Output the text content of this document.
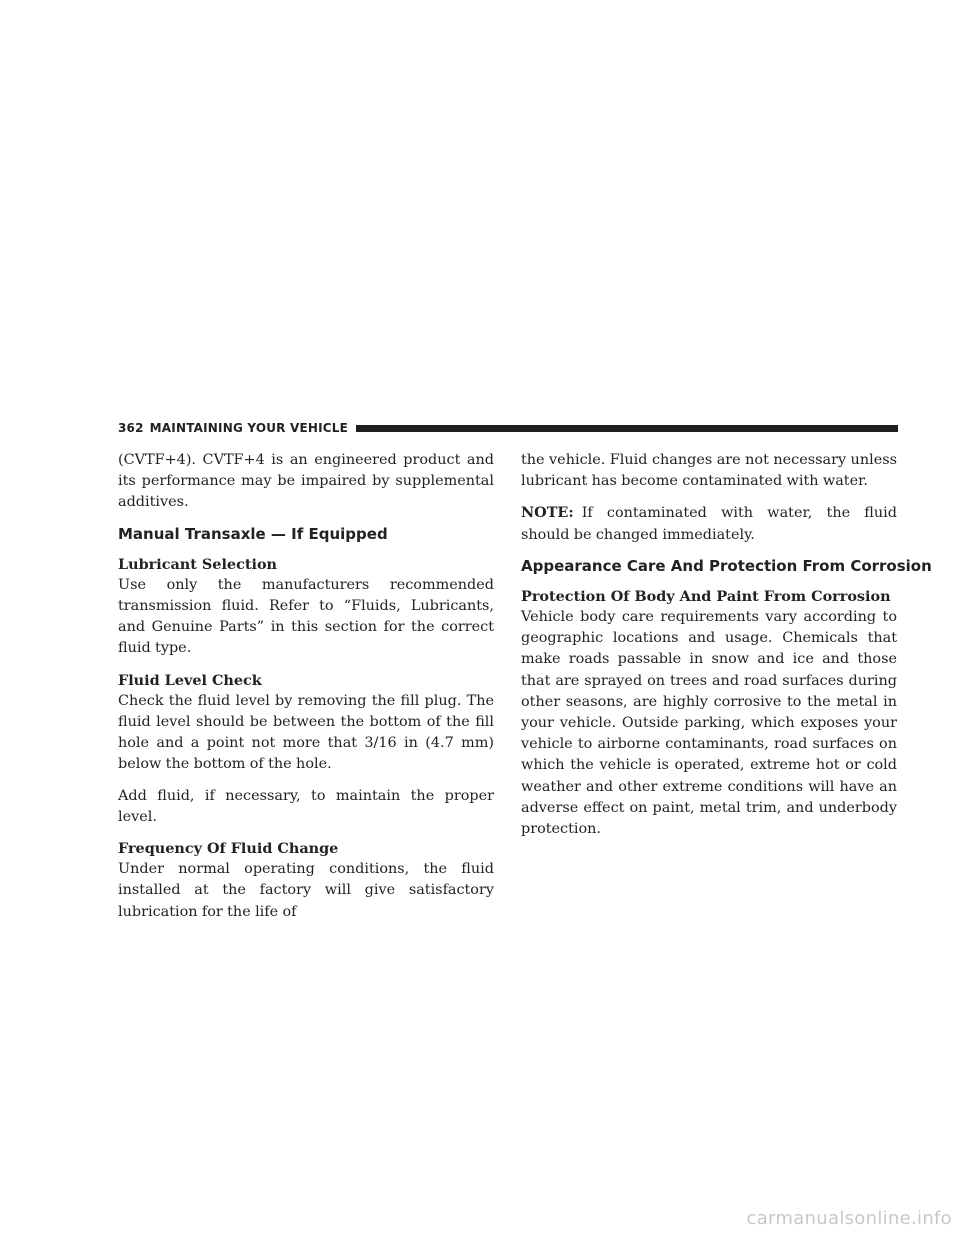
362 MAINTAINING YOUR VEHICLE

(CVTF+4). CVTF+4 is an engineered product and its performance may be impaired by supplemental additives.

Manual Transaxle — If Equipped
Lubricant Selection

Use only the manufacturers recommended transmission fluid. Refer to “Fluids, Lubricants, and Genuine Parts” in this section for the correct fluid type.

Fluid Level Check

Check the fluid level by removing the fill plug. The fluid level should be between the bottom of the fill hole and a point not more that 3/16 in (4.7 mm) below the bottom of the hole.

Add fluid, if necessary, to maintain the proper level.

Frequency Of Fluid Change

Under normal operating conditions, the fluid installed at the factory will give satisfactory lubrication for the life of

the vehicle. Fluid changes are not necessary unless lubricant has become contaminated with water.

NOTE: If contaminated with water, the fluid should be changed immediately.

Appearance Care And Protection From Corrosion
Protection Of Body And Paint From Corrosion

Vehicle body care requirements vary according to geographic locations and usage. Chemicals that make roads passable in snow and ice and those that are sprayed on trees and road surfaces during other seasons, are highly corrosive to the metal in your vehicle. Outside parking, which exposes your vehicle to airborne contaminants, road surfaces on which the vehicle is operated, extreme hot or cold weather and other extreme conditions will have an adverse effect on paint, metal trim, and underbody protection.

carmanualsonline.info
